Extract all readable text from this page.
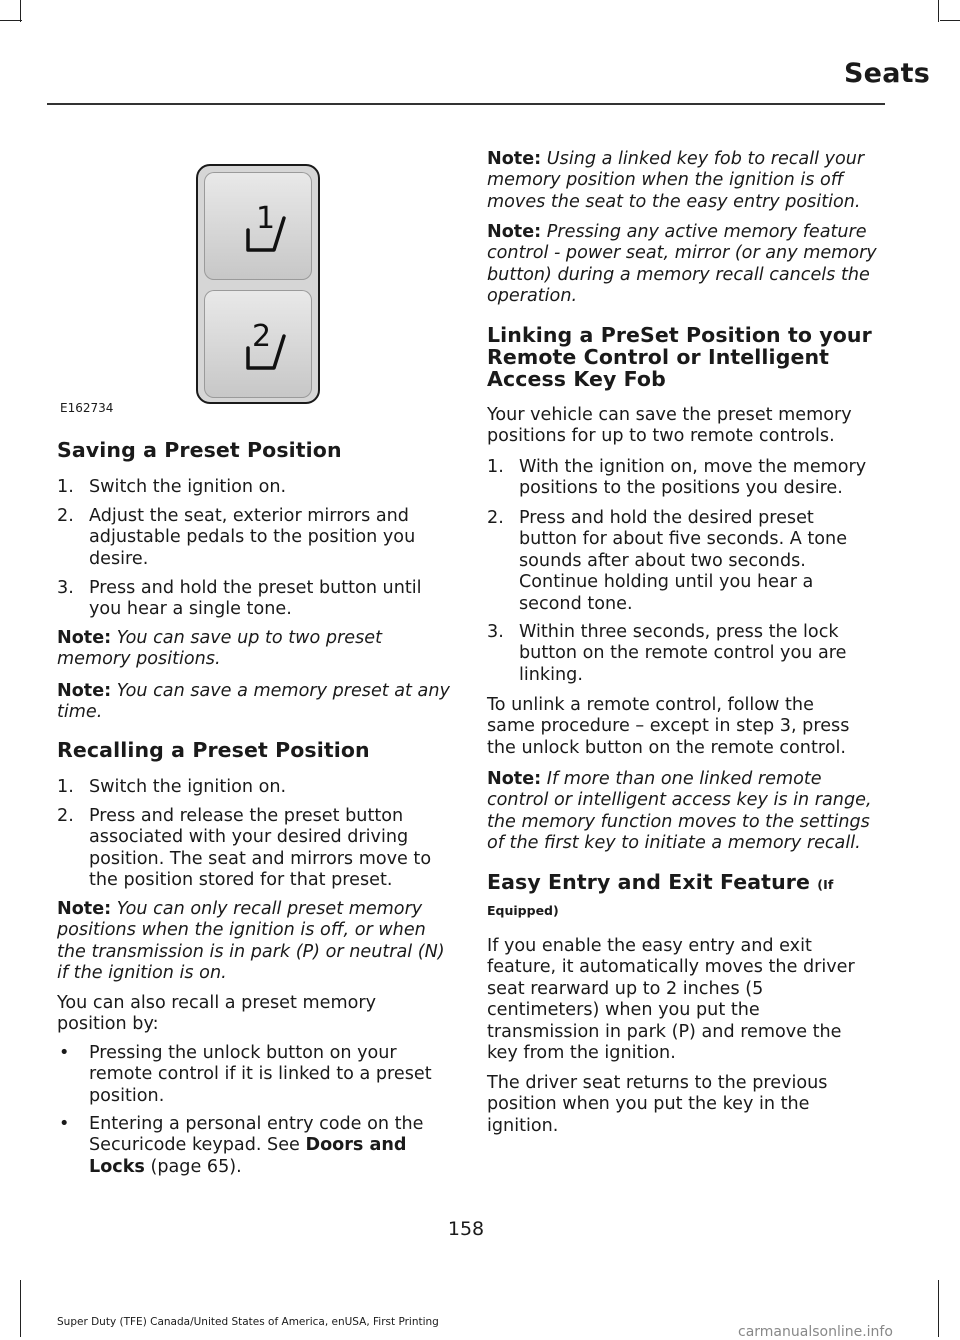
Seats
1
2
E162734
Saving a Preset Position
1. Switch the ignition on.
2. Adjust the seat, exterior mirrors and
adjustable pedals to the position you
desire.
3. Press and hold the preset button until
you hear a single tone.
Note: You can save up to two preset
memory positions.
Note: You can save a memory preset at any
time.
Recalling a Preset Position
1. Switch the ignition on.
2. Press and release the preset button
associated with your desired driving
position. The seat and mirrors move to
the position stored for that preset.
Note: You can only recall preset memory
positions when the ignition is off, or when
the transmission is in park (P) or neutral (N)
if the ignition is on.
You can also recall a preset memory
position by:
• Pressing the unlock button on your
remote control if it is linked to a preset
position.
• Entering a personal entry code on the
Securicode keypad. See Doors and
Locks (page 65).
Note: Using a linked key fob to recall your
memory position when the ignition is off
moves the seat to the easy entry position.
Note: Pressing any active memory feature
control - power seat, mirror (or any memory
button) during a memory recall cancels the
operation.
Linking a PreSet Position to your
Remote Control or Intelligent
Access Key Fob
Your vehicle can save the preset memory
positions for up to two remote controls.
1. With the ignition on, move the memory
positions to the positions you desire.
2. Press and hold the desired preset
button for about five seconds. A tone
sounds after about two seconds.
Continue holding until you hear a
second tone.
3. Within three seconds, press the lock
button on the remote control you are
linking.
To unlink a remote control, follow the
same procedure – except in step 3, press
the unlock button on the remote control.
Note: If more than one linked remote
control or intelligent access key is in range,
the memory function moves to the settings
of the first key to initiate a memory recall.
Easy Entry and Exit Feature (If
Equipped)
If you enable the easy entry and exit
feature, it automatically moves the driver
seat rearward up to 2 inches (5
centimeters) when you put the
transmission in park (P) and remove the
key from the ignition.
The driver seat returns to the previous
position when you put the key in the
ignition.
158
Super Duty (TFE) Canada/United States of America, enUSA, First Printing
carmanualsonline.info
